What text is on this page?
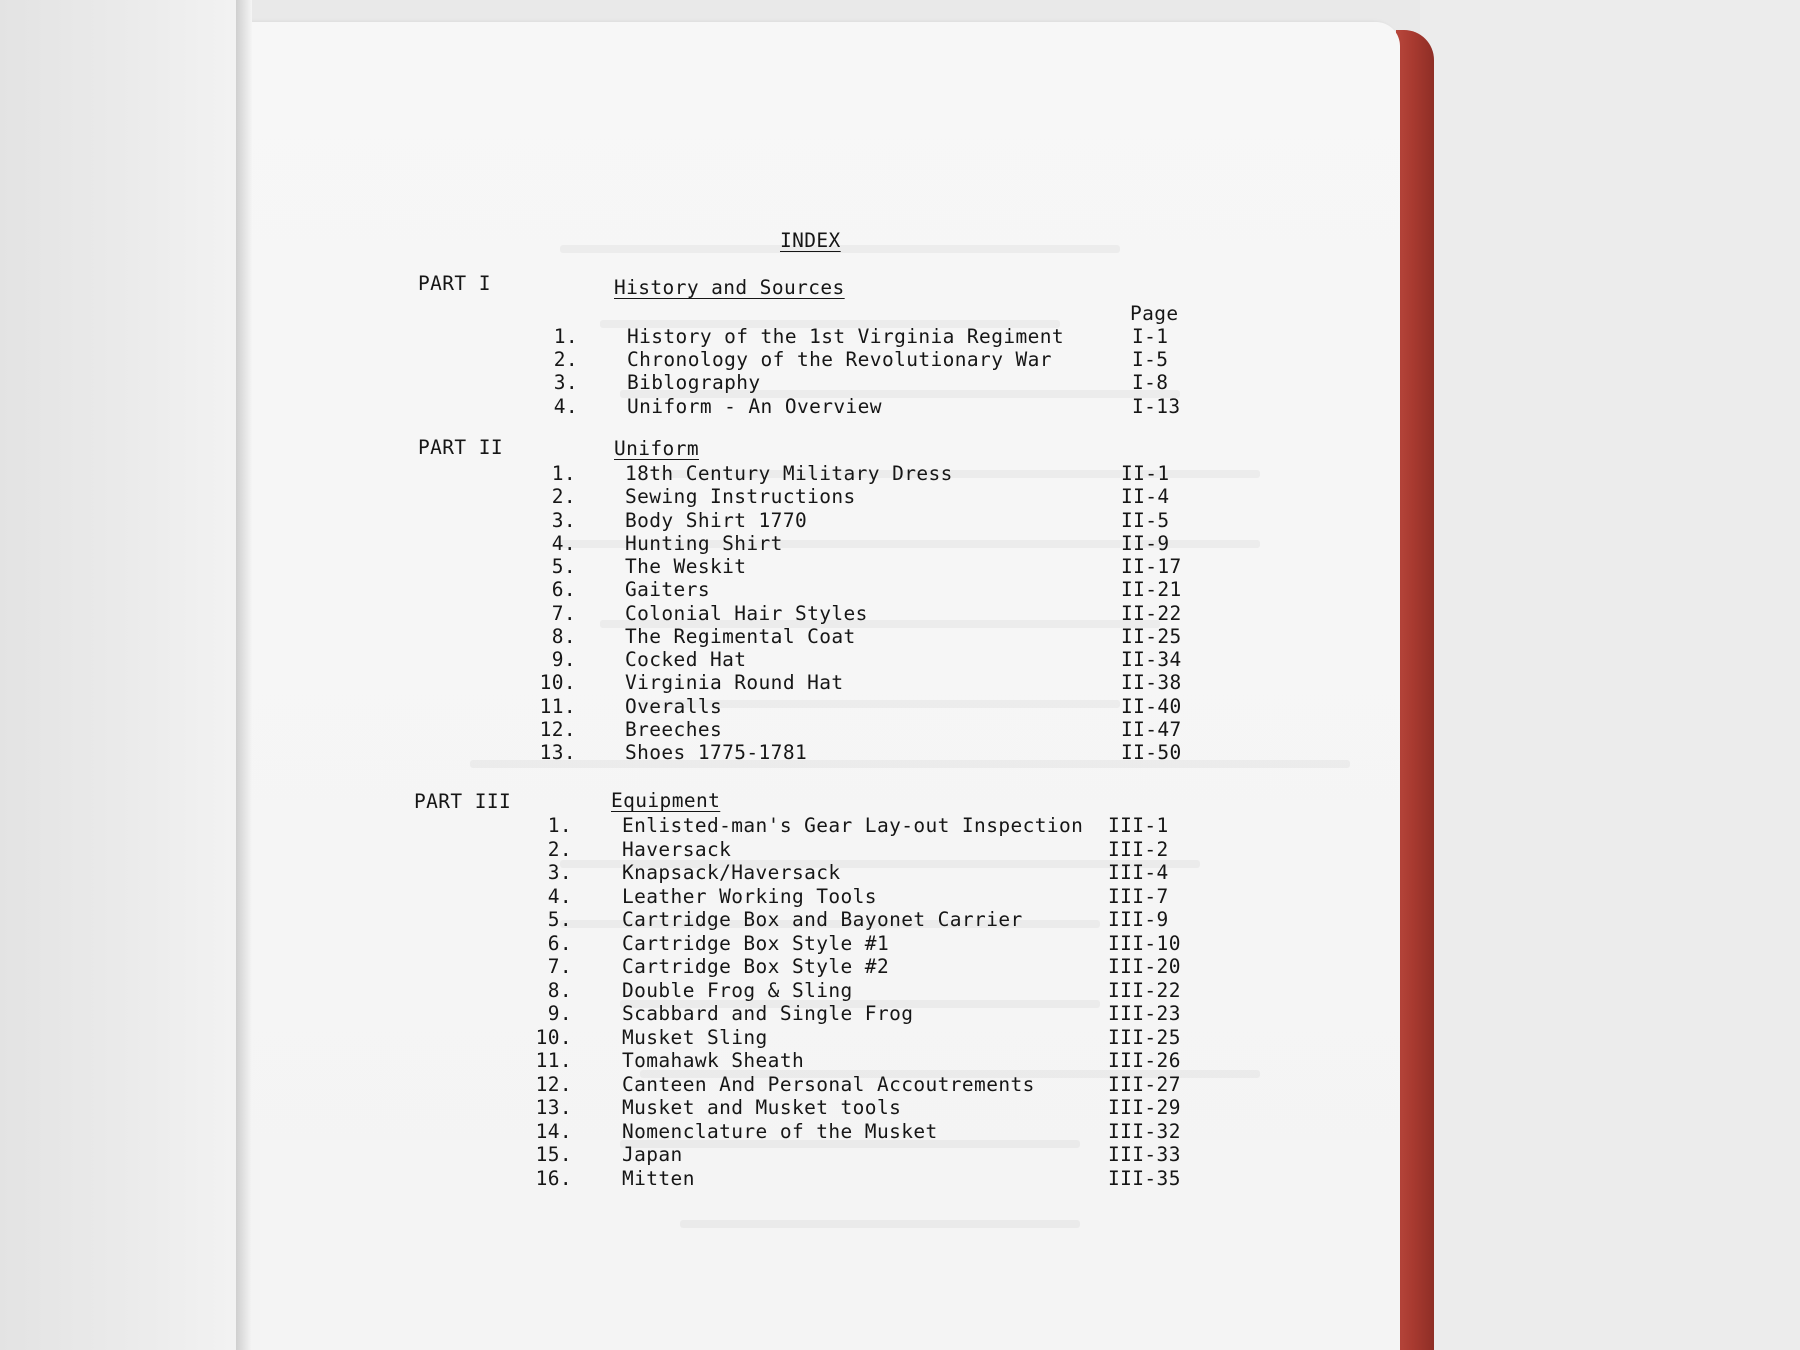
INDEX
Page
PART I	History and Sources
1.	History of the 1st Virginia Regiment	I-1
2.	Chronology of the Revolutionary War	I-5
3.	Biblography	I-8
4.	Uniform - An Overview	I-13
PART II	Uniform
1.	18th Century Military Dress	II-1
2.	Sewing Instructions	II-4
3.	Body Shirt 1770	II-5
4.	Hunting Shirt	II-9
5.	The Weskit	II-17
6.	Gaiters	II-21
7.	Colonial Hair Styles	II-22
8.	The Regimental Coat	II-25
9.	Cocked Hat	II-34
10.	Virginia Round Hat	II-38
11.	Overalls	II-40
12.	Breeches	II-47
13.	Shoes 1775-1781	II-50
PART III	Equipment
1.	Enlisted-man's Gear Lay-out Inspection III-1
2.	Haversack	III-2
3.	Knapsack/Haversack	III-4
4.	Leather Working Tools	III-7
5.	Cartridge Box and Bayonet Carrier	III-9
6.	Cartridge Box Style #1	III-10
7.	Cartridge Box Style #2	III-20
8.	Double Frog & Sling	III-22
9.	Scabbard and Single Frog	III-23
10.	Musket Sling	III-25
11.	Tomahawk Sheath	III-26
12.	Canteen And Personal Accoutrements	III-27
13.	Musket and Musket tools	III-29
14.	Nomenclature of the Musket	III-32
15.	Japan	III-33
16.	Mitten	III-35
